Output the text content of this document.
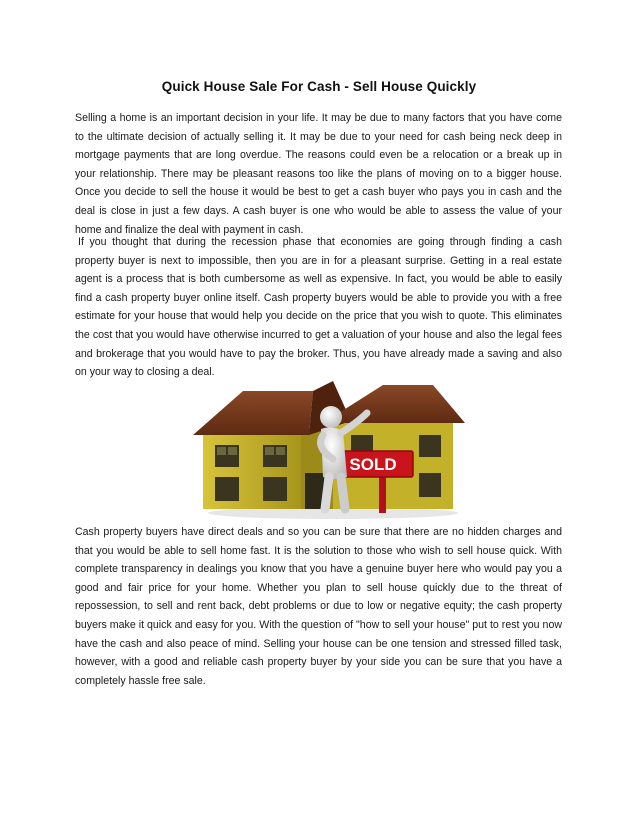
Quick House Sale For Cash - Sell House Quickly

Selling a home is an important decision in your life. It may be due to many factors that you have come to the ultimate decision of actually selling it. It may be due to your need for cash being neck deep in mortgage payments that are long overdue. The reasons could even be a relocation or a break up in your relationship. There may be pleasant reasons too like the plans of moving on to a bigger house. Once you decide to sell the house it would be best to get a cash buyer who pays you in cash and the deal is close in just a few days. A cash buyer is one who would be able to assess the value of your home and finalize the deal with payment in cash.

If you thought that during the recession phase that economies are going through finding a cash property buyer is next to impossible, then you are in for a pleasant surprise. Getting in a real estate agent is a process that is both cumbersome as well as expensive. In fact, you would be able to easily find a cash property buyer online itself. Cash property buyers would be able to provide you with a free estimate for your house that would help you decide on the price that you wish to quote. This eliminates the cost that you would have otherwise incurred to get a valuation of your house and also the legal fees and brokerage that you would have to pay the broker. Thus, you have already made a saving and also on your way to closing a deal.

SOLD

Cash property buyers have direct deals and so you can be sure that there are no hidden charges and that you would be able to sell home fast. It is the solution to those who wish to sell house quick. With complete transparency in dealings you know that you have a genuine buyer here who would pay you a good and fair price for your home. Whether you plan to sell house quickly due to the threat of repossession, to sell and rent back, debt problems or due to low or negative equity; the cash property buyers make it quick and easy for you. With the question of "how to sell your house" put to rest you now have the cash and also peace of mind. Selling your house can be one tension and stressed filled task, however, with a good and reliable cash property buyer by your side you can be sure that you have a completely hassle free sale.
